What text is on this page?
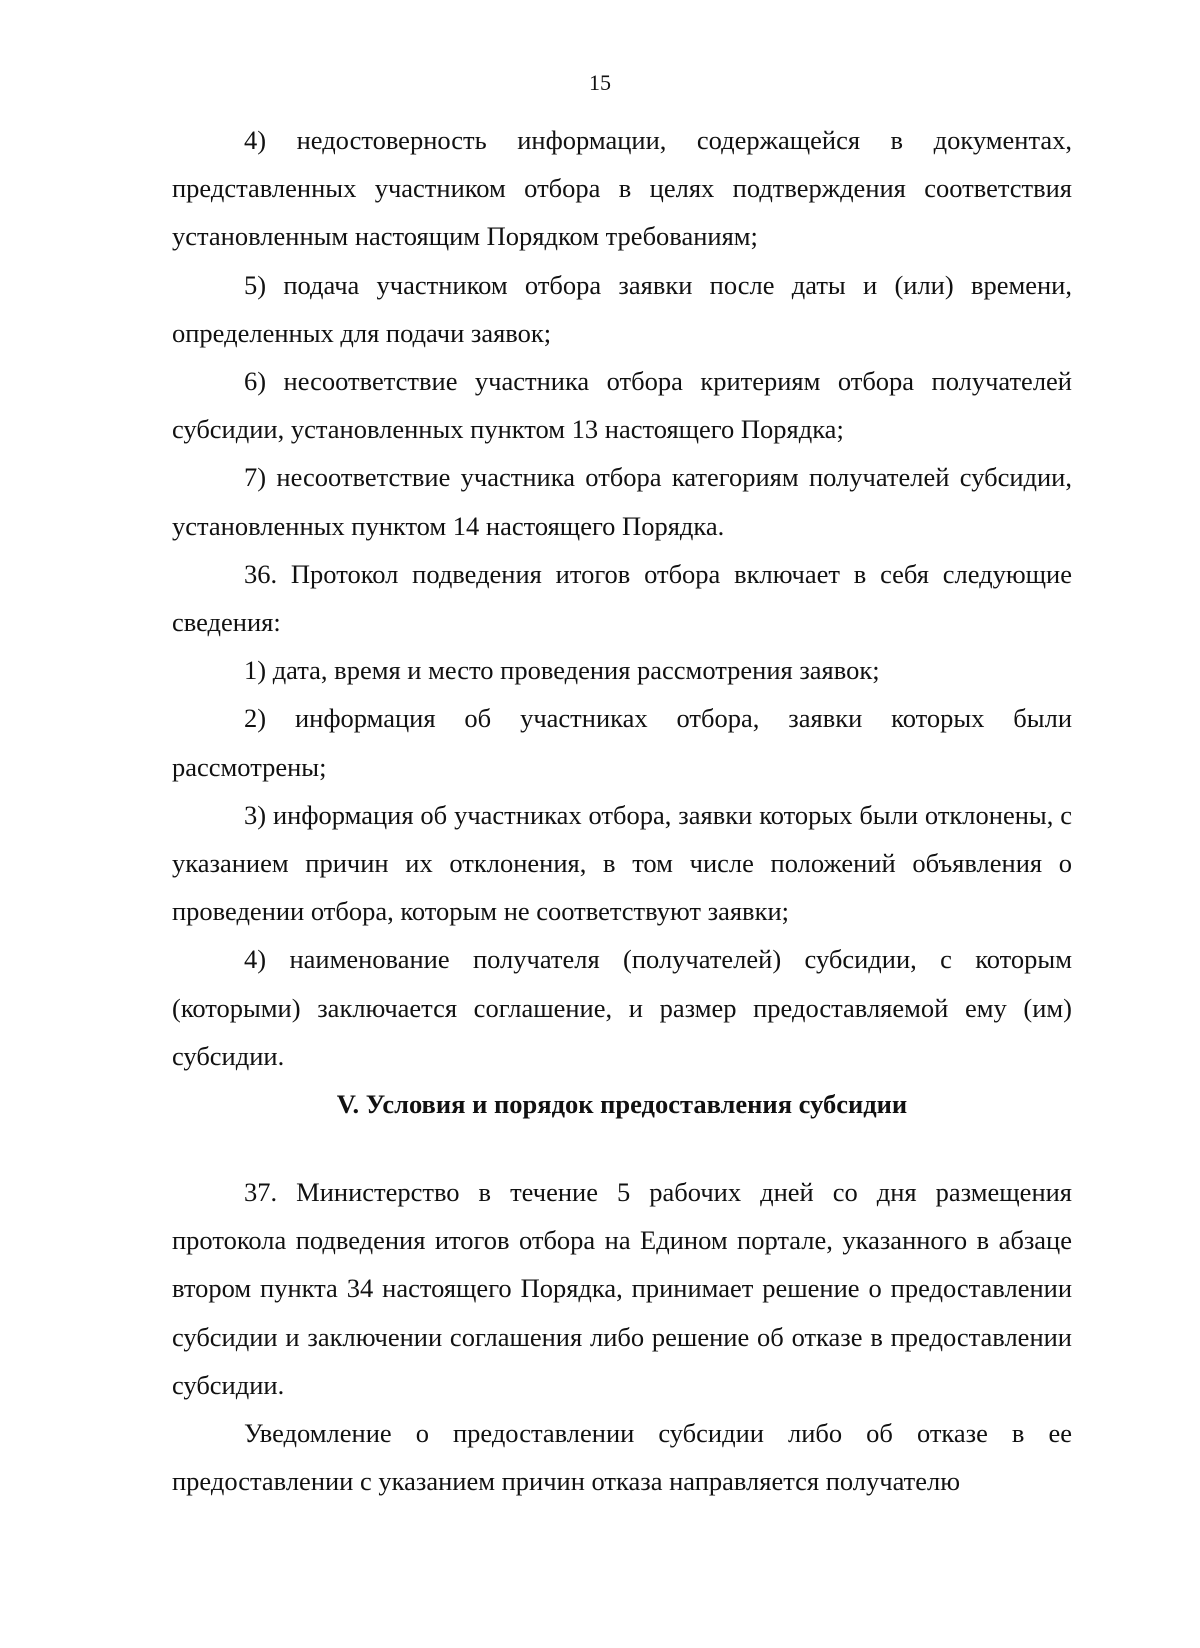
15

4) недостоверность информации, содержащейся в документах, представленных участником отбора в целях подтверждения соответствия установленным настоящим Порядком требованиям;

5) подача участником отбора заявки после даты и (или) времени, определенных для подачи заявок;

6) несоответствие участника отбора критериям отбора получателей субсидии, установленных пунктом 13 настоящего Порядка;

7) несоответствие участника отбора категориям получателей субсидии, установленных пунктом 14 настоящего Порядка.

36. Протокол подведения итогов отбора включает в себя следующие сведения:

1) дата, время и место проведения рассмотрения заявок;

2) информация об участниках отбора, заявки которых были рассмотрены;

3) информация об участниках отбора, заявки которых были отклонены, с указанием причин их отклонения, в том числе положений объявления о проведении отбора, которым не соответствуют заявки;

4) наименование получателя (получателей) субсидии, с которым (которыми) заключается соглашение, и размер предоставляемой ему (им) субсидии.

V. Условия и порядок предоставления субсидии

37. Министерство в течение 5 рабочих дней со дня размещения протокола подведения итогов отбора на Едином портале, указанного в абзаце втором пункта 34 настоящего Порядка, принимает решение о предоставлении субсидии и заключении соглашения либо решение об отказе в предоставлении субсидии.

Уведомление о предоставлении субсидии либо об отказе в ее предоставлении с указанием причин отказа направляется получателю
